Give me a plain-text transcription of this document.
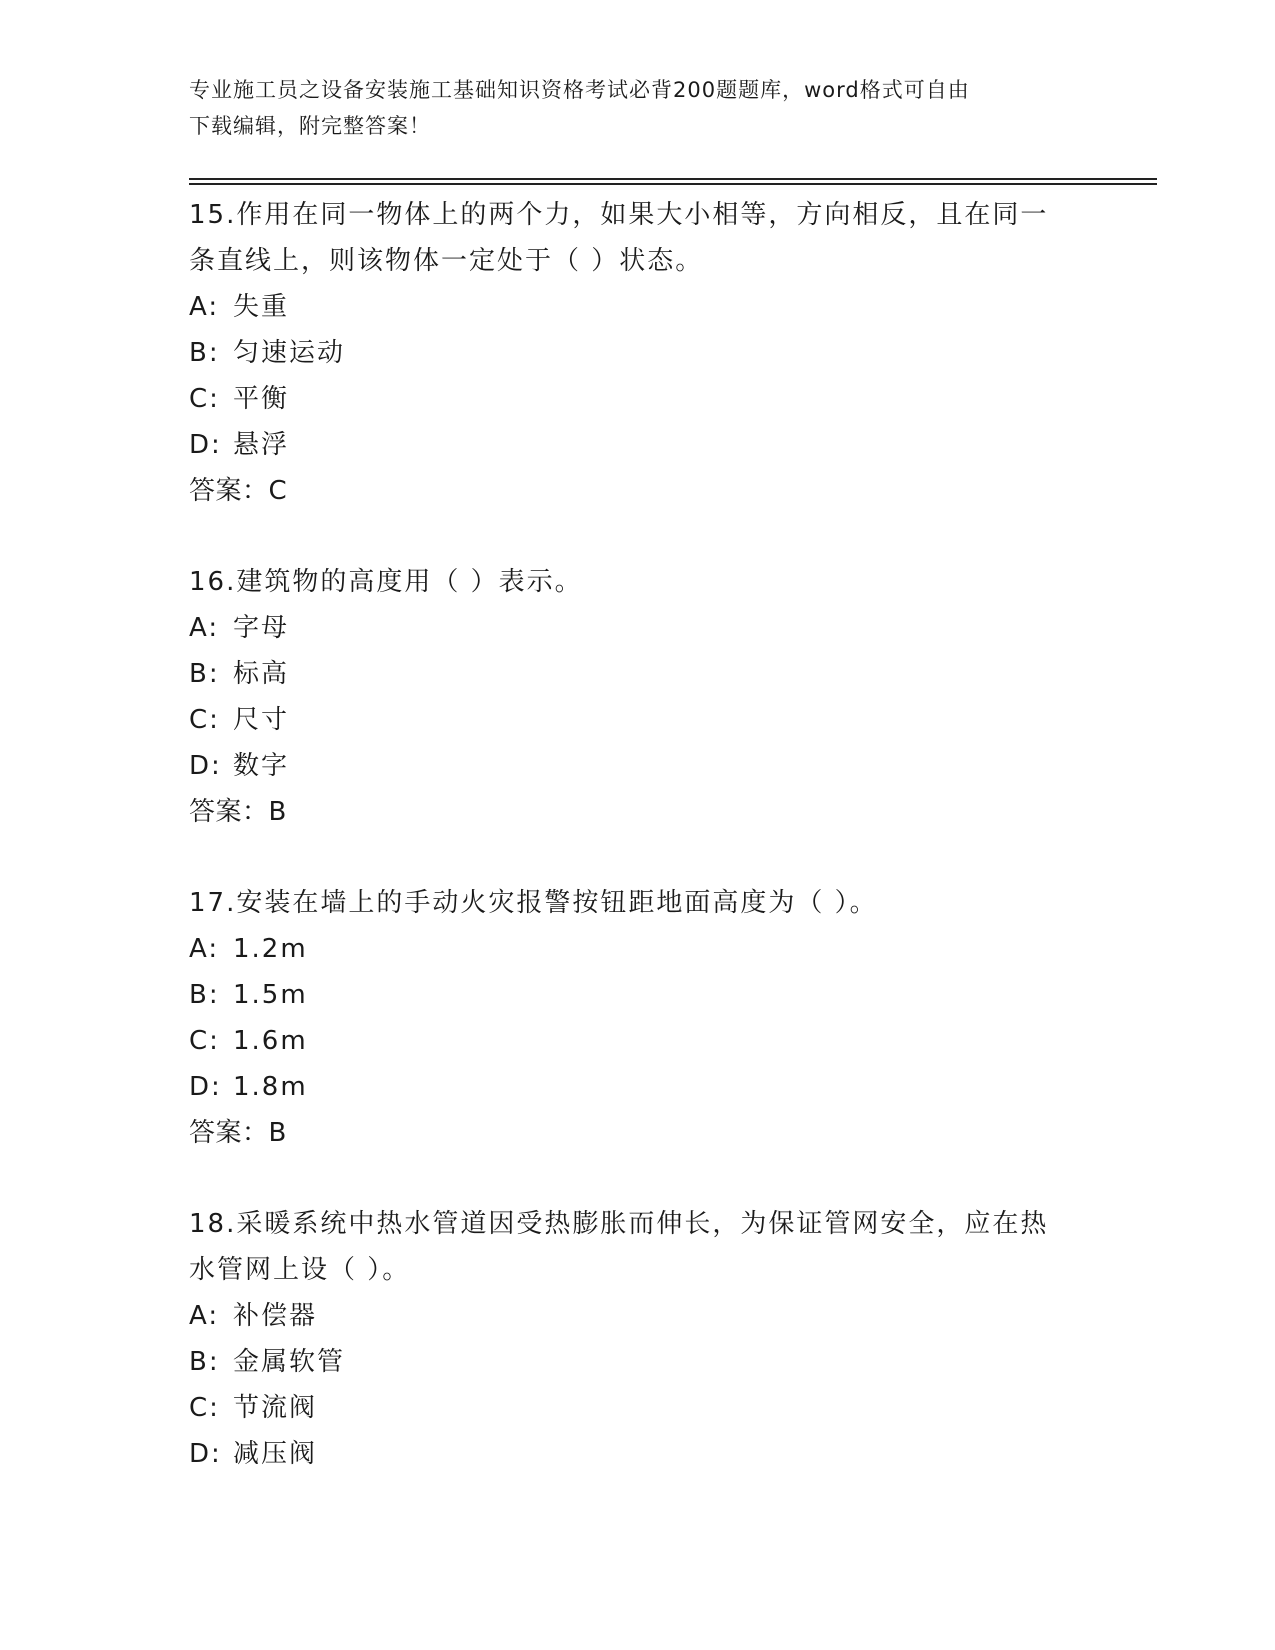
专业施工员之设备安装施工基础知识资格考试必背200题题库，word格式可自由
下载编辑，附完整答案！
15.作用在同一物体上的两个力，如果大小相等，方向相反，且在同一
条直线上，则该物体一定处于（ ）状态。
A: 失重
B: 匀速运动
C: 平衡
D: 悬浮
答案：C
16.建筑物的高度用（ ）表示。
A: 字母
B: 标高
C: 尺寸
D: 数字
答案：B
17.安装在墙上的手动火灾报警按钮距地面高度为（ ）。
A: 1.2m
B: 1.5m
C: 1.6m
D: 1.8m
答案：B
18.采暖系统中热水管道因受热膨胀而伸长，为保证管网安全，应在热
水管网上设（ ）。
A: 补偿器
B: 金属软管
C: 节流阀
D: 减压阀
